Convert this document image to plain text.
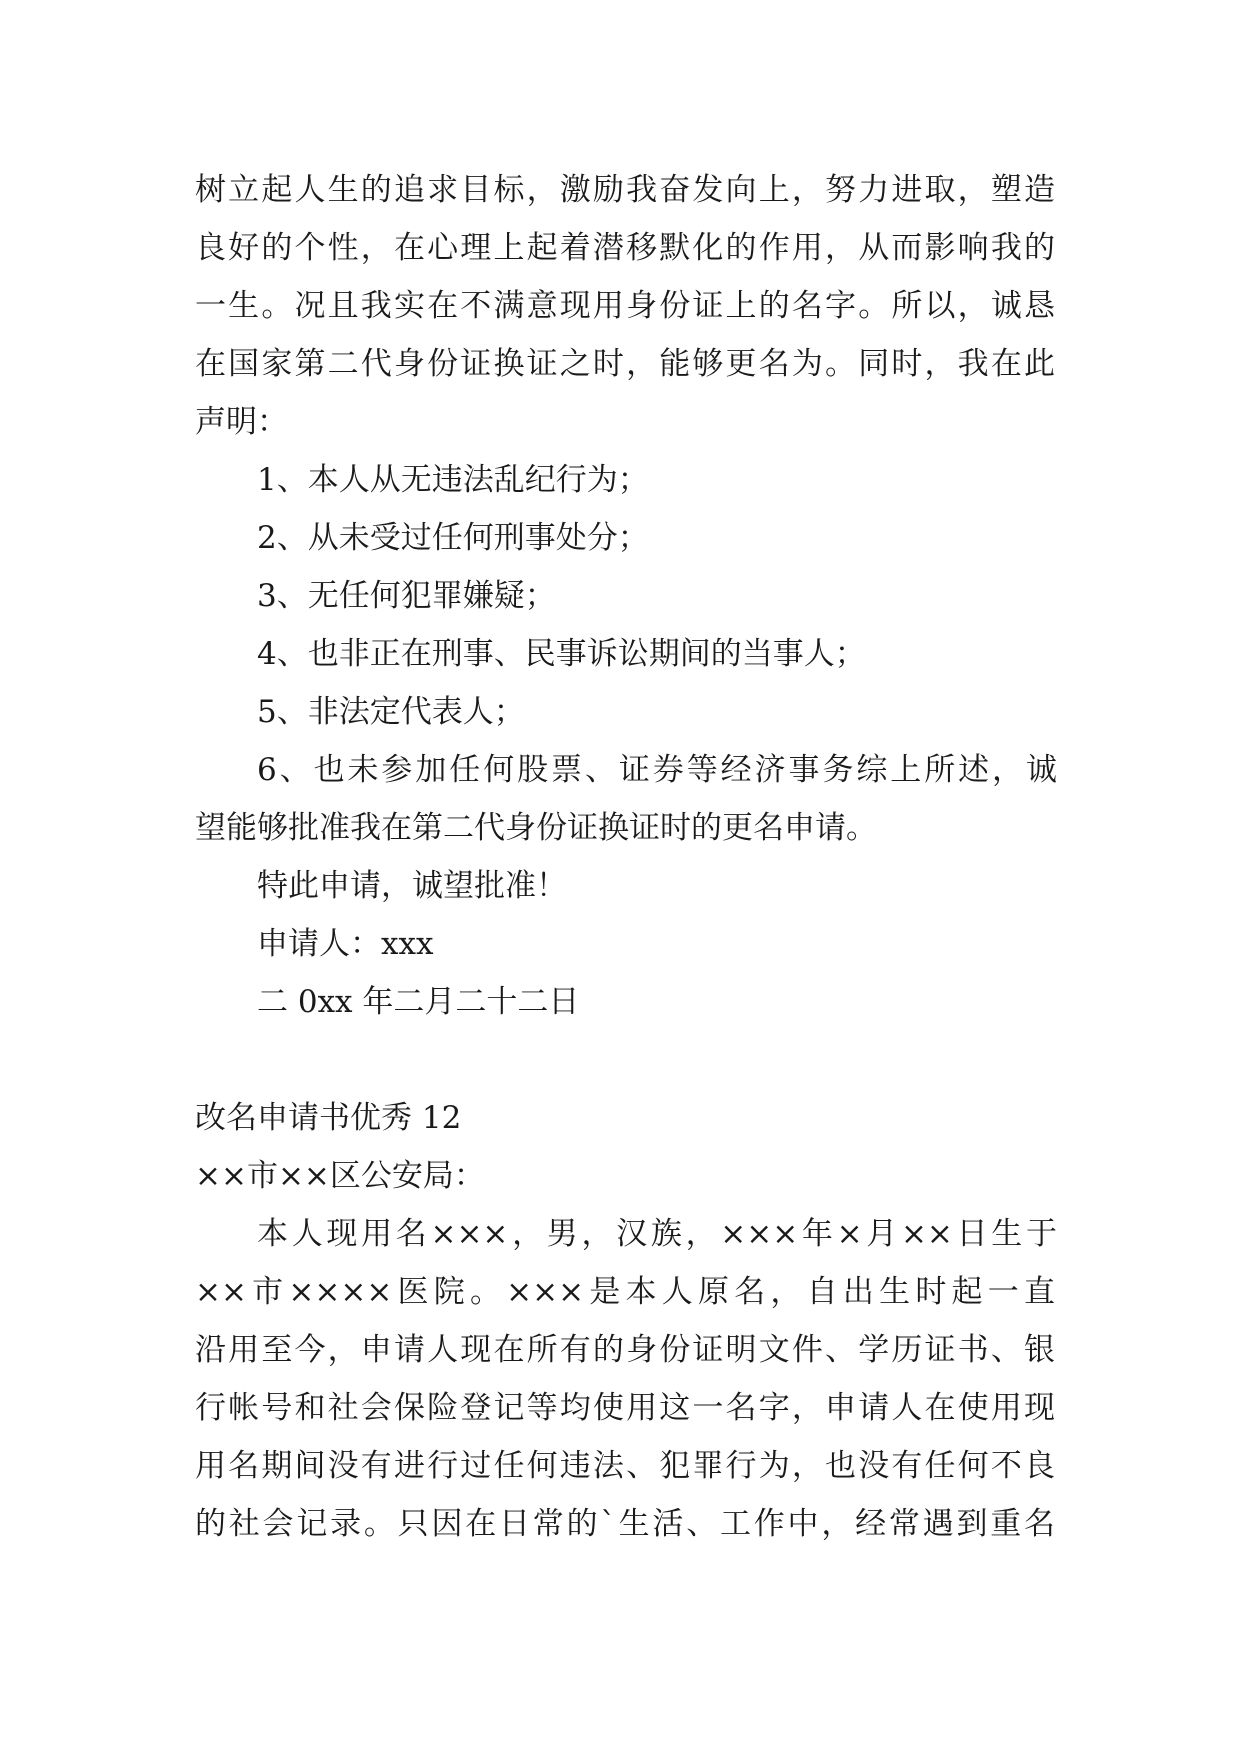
树立起人生的追求目标，激励我奋发向上，努力进取，塑造
良好的个性，在心理上起着潜移默化的作用，从而影响我的
一生。况且我实在不满意现用身份证上的名字。所以，诚恳
在国家第二代身份证换证之时，能够更名为。同时，我在此
声明：
1、本人从无违法乱纪行为；
2、从未受过任何刑事处分；
3、无任何犯罪嫌疑；
4、也非正在刑事、民事诉讼期间的当事人；
5、非法定代表人；
6、也未参加任何股票、证券等经济事务综上所述，诚
望能够批准我在第二代身份证换证时的更名申请。
特此申请，诚望批准！
申请人：xxx
二 0xx 年二月二十二日
改名申请书优秀 12
××市××区公安局：
本人现用名×××，男，汉族，×××年×月××日生于
××市××××医院。×××是本人原名，自出生时起一直
沿用至今，申请人现在所有的身份证明文件、学历证书、银
行帐号和社会保险登记等均使用这一名字，申请人在使用现
用名期间没有进行过任何违法、犯罪行为，也没有任何不良
的社会记录。只因在日常的`生活、工作中，经常遇到重名
